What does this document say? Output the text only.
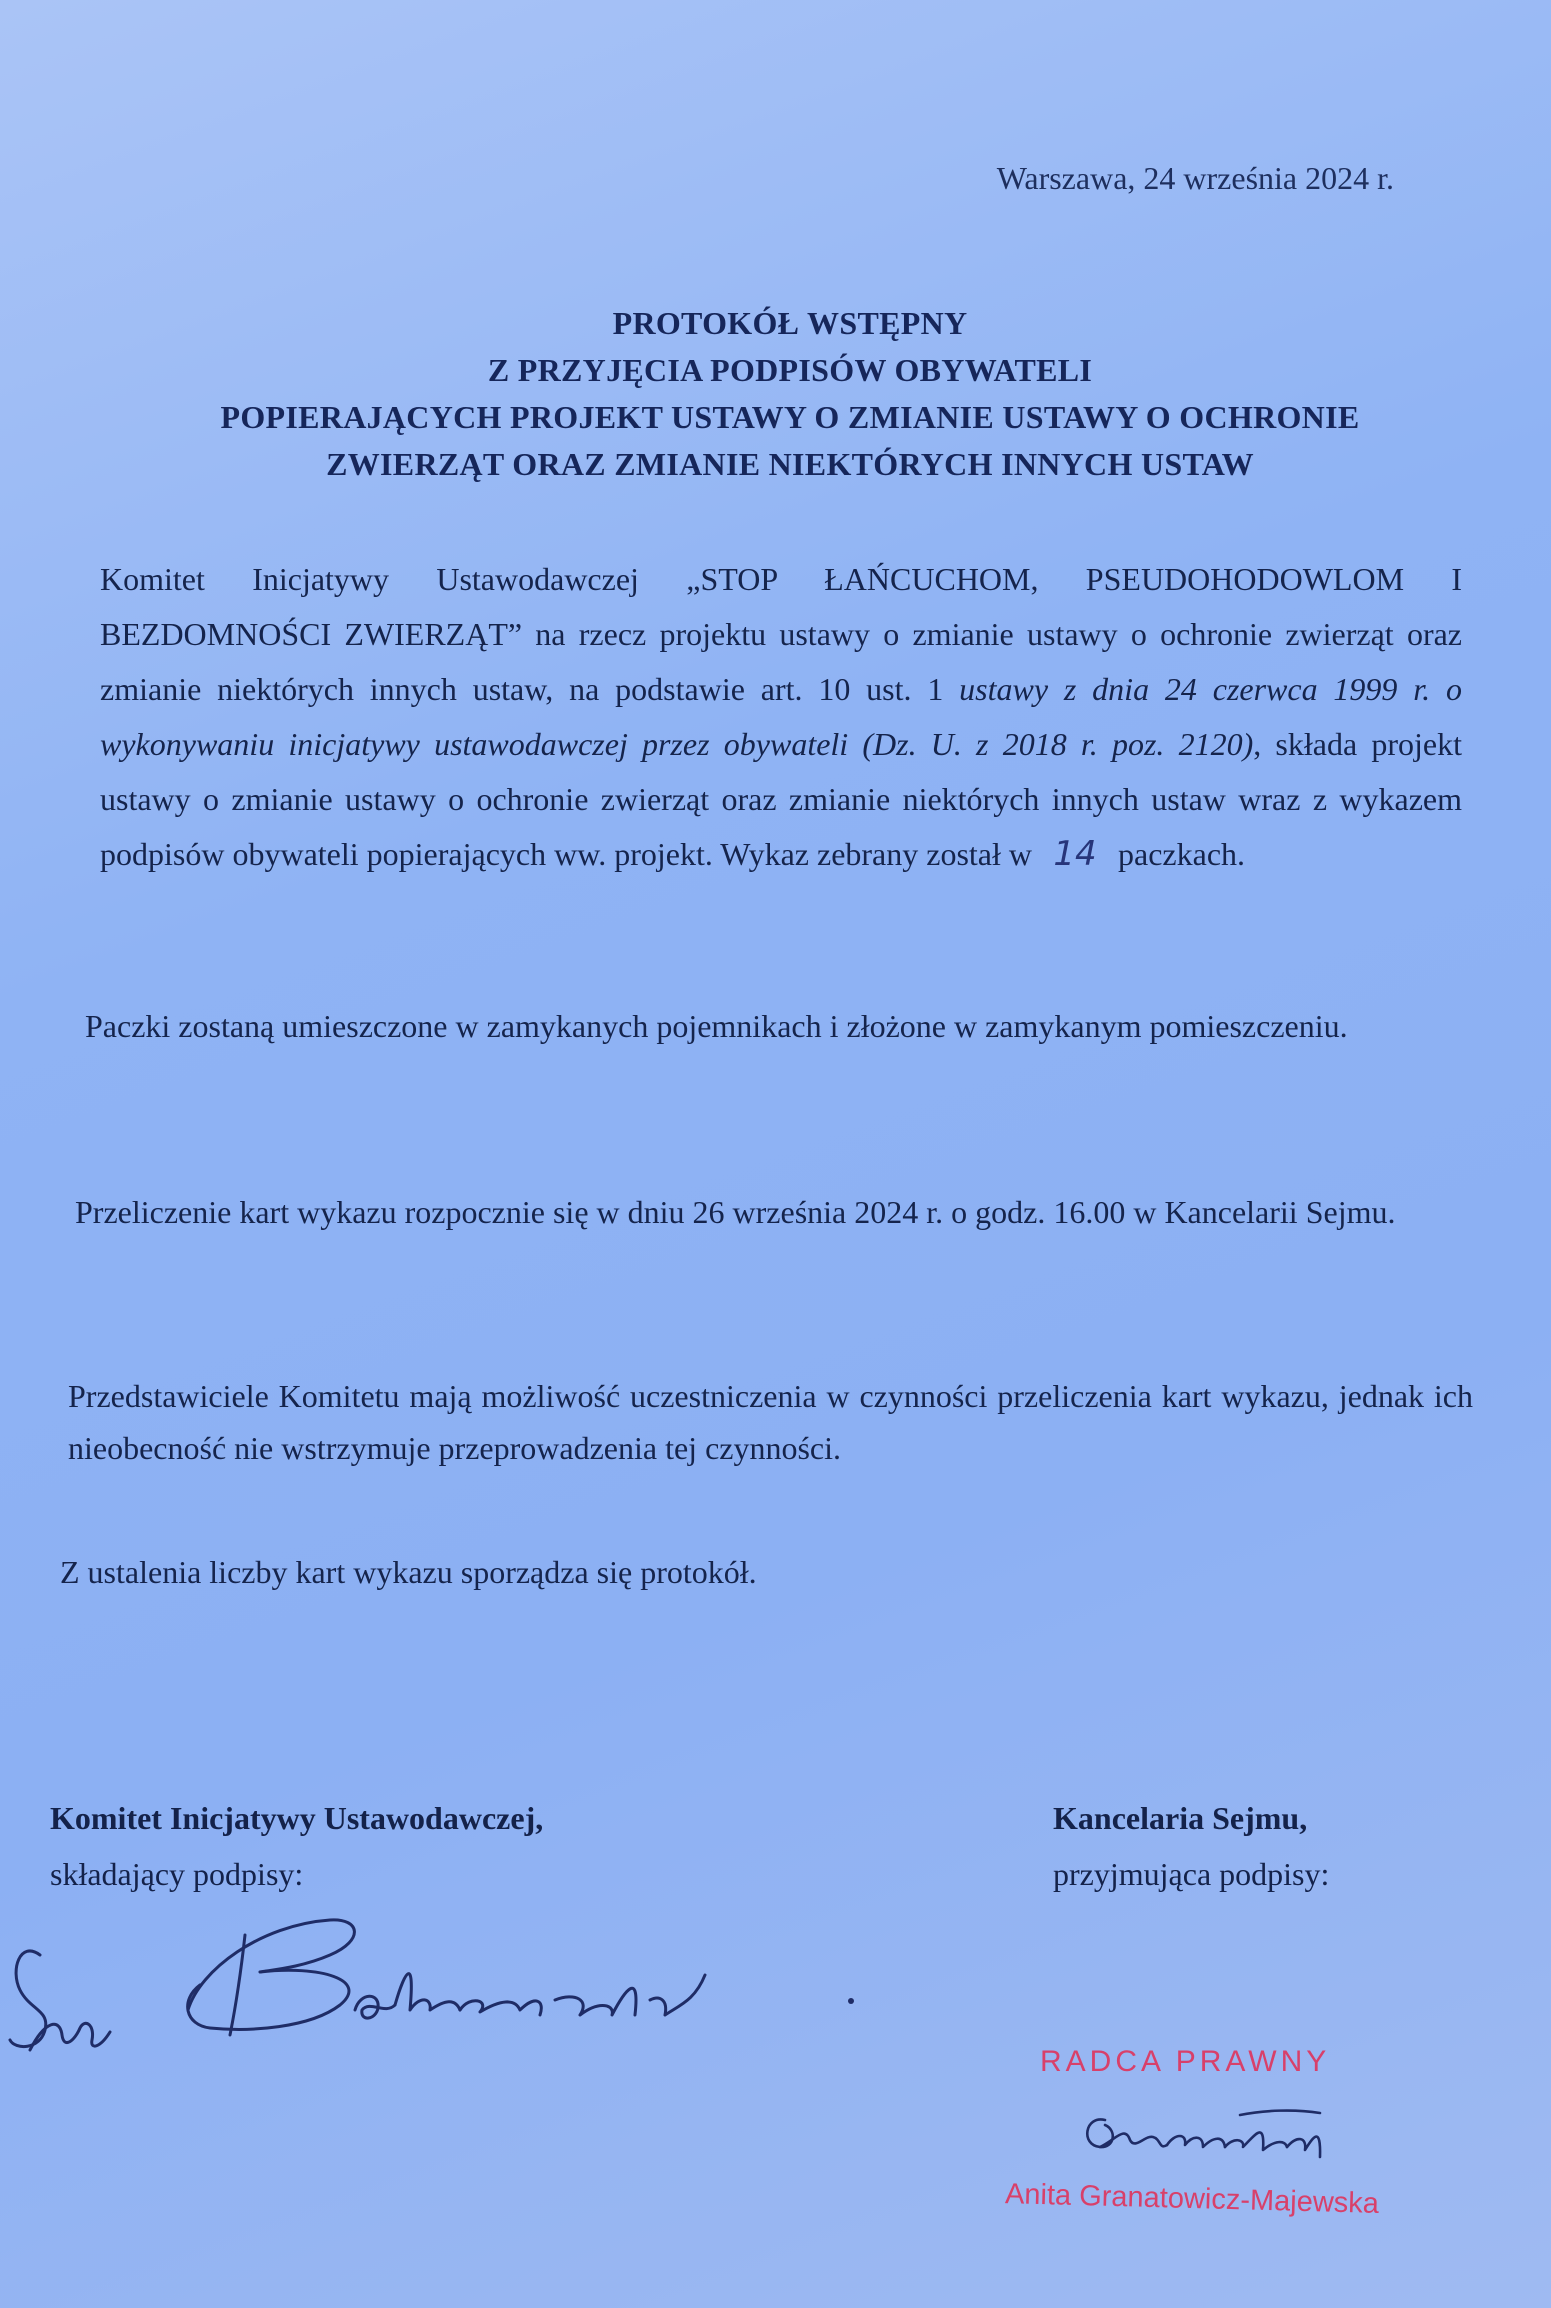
Warszawa, 24 września 2024 r.
PROTOKÓŁ WSTĘPNY
Z PRZYJĘCIA PODPISÓW OBYWATELI
POPIERAJĄCYCH PROJEKT USTAWY O ZMIANIE USTAWY O OCHRONIE
ZWIERZĄT ORAZ ZMIANIE NIEKTÓRYCH INNYCH USTAW
Komitet Inicjatywy Ustawodawczej „STOP ŁAŃCUCHOM, PSEUDOHODOWLOM I BEZDOMNOŚCI ZWIERZĄT” na rzecz projektu ustawy o zmianie ustawy o ochronie zwierząt oraz zmianie niektórych innych ustaw, na podstawie art. 10 ust. 1 ustawy z dnia 24 czerwca 1999 r. o wykonywaniu inicjatywy ustawodawczej przez obywateli (Dz. U. z 2018 r. poz. 2120), składa projekt ustawy o zmianie ustawy o ochronie zwierząt oraz zmianie niektórych innych ustaw wraz z wykazem podpisów obywateli popierających ww. projekt. Wykaz zebrany został w 14 paczkach.
Paczki zostaną umieszczone w zamykanych pojemnikach i złożone w zamykanym pomieszczeniu.
Przeliczenie kart wykazu rozpocznie się w dniu 26 września 2024 r. o godz. 16.00 w Kancelarii Sejmu.
Przedstawiciele Komitetu mają możliwość uczestniczenia w czynności przeliczenia kart wykazu, jednak ich nieobecność nie wstrzymuje przeprowadzenia tej czynności.
Z ustalenia liczby kart wykazu sporządza się protokół.
Komitet Inicjatywy Ustawodawczej,
składający podpisy:
Kancelaria Sejmu,
przyjmująca podpisy:
RADCA PRAWNY
Anita Granatowicz-Majewska
